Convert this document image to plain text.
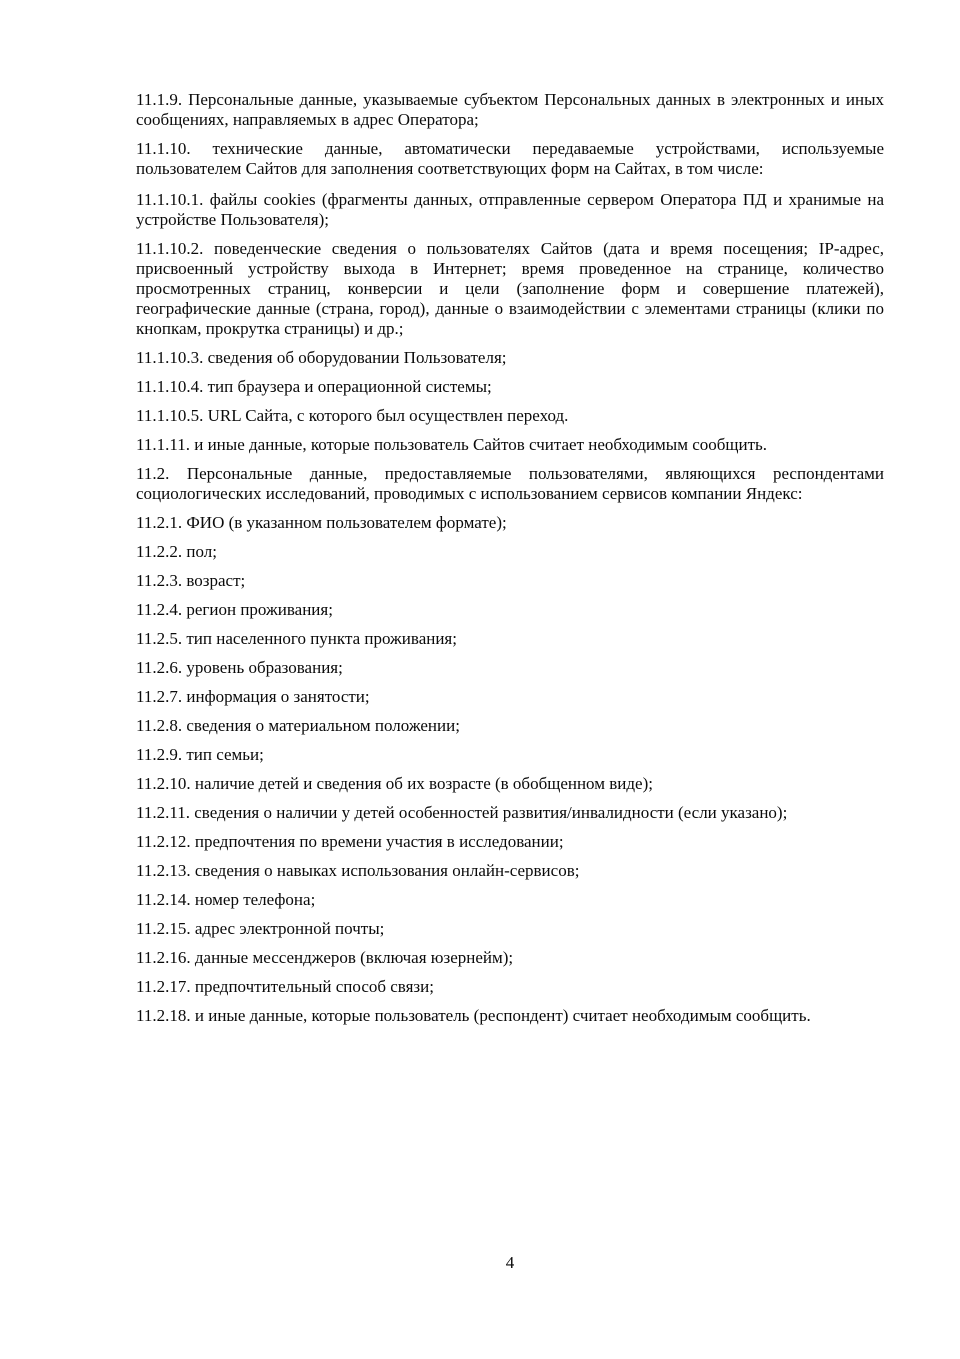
11.1.9. Персональные данные, указываемые субъектом Персональных данных в электронных и иных сообщениях, направляемых в адрес Оператора;

11.1.10. технические данные, автоматически передаваемые устройствами, используемые пользователем Сайтов для заполнения соответствующих форм на Сайтах, в том числе:

11.1.10.1. файлы cookies (фрагменты данных, отправленные сервером Оператора ПД и хранимые на устройстве Пользователя);

11.1.10.2. поведенческие сведения о пользователях Сайтов (дата и время посещения; IP-адрес, присвоенный устройству выхода в Интернет; время проведенное на странице, количество просмотренных страниц, конверсии и цели (заполнение форм и совершение платежей), географические данные (страна, город), данные о взаимодействии с элементами страницы (клики по кнопкам, прокрутка страницы) и др.;

11.1.10.3. сведения об оборудовании Пользователя;

11.1.10.4. тип браузера и операционной системы;

11.1.10.5. URL Сайта, с которого был осуществлен переход.

11.1.11. и иные данные, которые пользователь Сайтов считает необходимым сообщить.

11.2. Персональные данные, предоставляемые пользователями, являющихся респондентами социологических исследований, проводимых с использованием сервисов компании Яндекс:

11.2.1. ФИО (в указанном пользователем формате);

11.2.2. пол;

11.2.3. возраст;

11.2.4. регион проживания;

11.2.5. тип населенного пункта проживания;

11.2.6. уровень образования;

11.2.7. информация о занятости;

11.2.8. сведения о материальном положении;

11.2.9. тип семьи;

11.2.10. наличие детей и сведения об их возрасте (в обобщенном виде);

11.2.11. сведения о наличии у детей особенностей развития/инвалидности (если указано);

11.2.12. предпочтения по времени участия в исследовании;

11.2.13. сведения о навыках использования онлайн-сервисов;

11.2.14. номер телефона;

11.2.15. адрес электронной почты;

11.2.16. данные мессенджеров (включая юзернейм);

11.2.17. предпочтительный способ связи;

11.2.18. и иные данные, которые пользователь (респондент) считает необходимым сообщить.

4
